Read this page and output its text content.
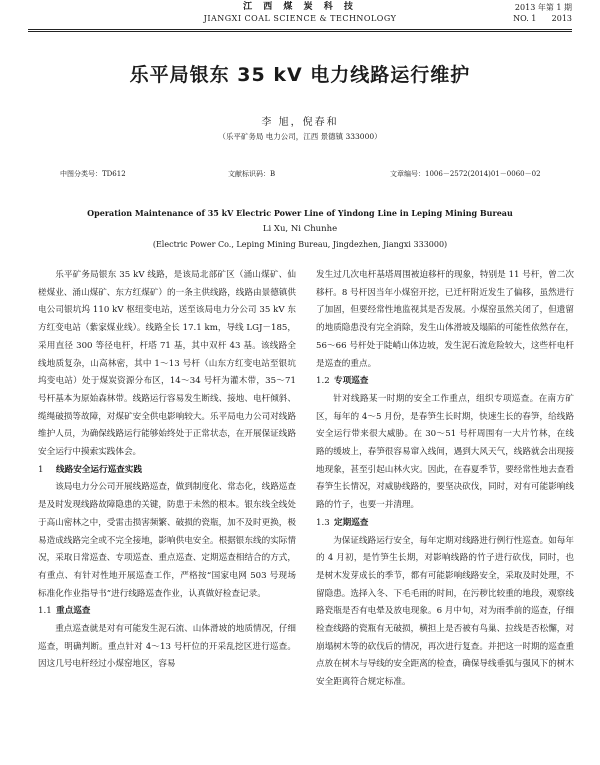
江 西 煤 炭 科 技
JIANGXI COAL SCIENCE & TECHNOLOGY
2013 年第 1 期
NO. 1 2013
乐平局银东 35 kV 电力线路运行维护
李 旭，倪春和
（乐平矿务局 电力公司，江西 景德镇 333000）
中图分类号：TD612	文献标识码：B	文章编号：1006－2572(2014)01－0060－02
Operation Maintenance of 35 kV Electric Power Line of Yindong Line in Leping Mining Bureau
Li Xu, Ni Chunhe
(Electric Power Co., Leping Mining Bureau, Jingdezhen, Jiangxi 333000)

乐平矿务局银东 35 kV 线路，是该局北部矿区（涌山煤矿、仙槎煤业、涌山煤矿、东方红煤矿）的一条主供线路，线路由景德镇供电公司银坑坞 110 kV 枢纽变电站，送至该局电力分公司 35 kV 东方红变电站（紫家煤业线）。线路全长 17.1 km，导线 LGJ－185，采用直径 300 等径电杆，杆塔 71 基，其中双杆 43 基。该线路全线地质复杂，山高林密，其中 1～13 号杆（山东方红变电站至银坑坞变电站）处于煤炭资源分布区，14～34 号杆为灌木带，35～71 号杆基本为原始森林带。线路运行容易发生断线、接地、电杆倾斜、缆绳破损等故障，对煤矿安全供电影响较大。乐平局电力公司对线路维护人员，为确保线路运行能够始终处于正常状态，在开展保证线路安全运行中摸索实践体会。

1 线路安全运行巡查实践

该局电力分公司开展线路巡查，做到制度化、常态化，线路巡查是及时发现线路故障隐患的关键，防患于未然的根本。银东线全线处于高山密林之中，受雷击损害频繁、破损的瓷瓶，加不及时更换，极易造成线路完全或不完全接地，影响供电安全。根据银东线的实际情况，采取日常巡查、专项巡查、重点巡查、定期巡查相结合的方式，有重点、有针对性地开展巡查工作，严格按“国家电网 503 号现场标准化作业指导书”进行线路巡查作业，认真做好检查记录。

1.1 重点巡查

重点巡查就是对有可能发生泥石流、山体滑坡的地质情况，仔细巡查，明确判断。重点针对 4～13 号杆位的开采乱挖区进行巡查。因这几号电杆经过小煤窑地区，容易

发生过几次电杆基塔周围被迫移杆的现象，特别是 11 号杆，曾二次移杆。8 号杆因当年小煤窑开挖，已迁杆附近发生了偏移，虽然进行了加固，但要经常性地监视其是否发展。小煤窑虽然关闭了，但遗留的地质隐患没有完全消除，发生山体滑坡及塌陷的可能性依然存在，56～66 号杆处于陡峭山体边坡，发生泥石流危险较大，这些杆电杆是巡查的重点。

1.2 专项巡查

针对线路某一时期的安全工作重点，组织专项巡查。在南方矿区，每年的 4～5 月份，是春笋生长时期，快速生长的春笋，给线路安全运行带来很大威胁。在 30～51 号杆周围有一大片竹林，在线路的缓坡上，春笋很容易窜入线间，遇到大风天气，线路就会出现接地现象，甚至引起山林火灾。因此，在春夏季节，要经常性地去查看春笋生长情况，对威胁线路的，要坚决砍伐，同时，对有可能影响线路的竹子，也要一并清理。

1.3 定期巡查

为保证线路运行安全，每年定期对线路进行例行性巡查。如每年的 4 月初，是竹笋生长期，对影响线路的竹子进行砍伐，同时，也是树木发芽成长的季节，都有可能影响线路安全，采取及时处理，不留隐患。选择入冬、下毛毛雨的时间，在污秽比较重的地段，观察线路瓷瓶是否有电晕及放电现象。6 月中旬，对为雨季前的巡查，仔细检查线路的瓷瓶有无破损，横担上是否被有鸟巢、拉线是否松懈，对崩塌树木等的砍伐后的情况，再次进行复查。并把这一时期的巡查重点放在树木与导线的安全距离的检查，确保导线垂弧与强风下的树木安全距离符合规定标准。
